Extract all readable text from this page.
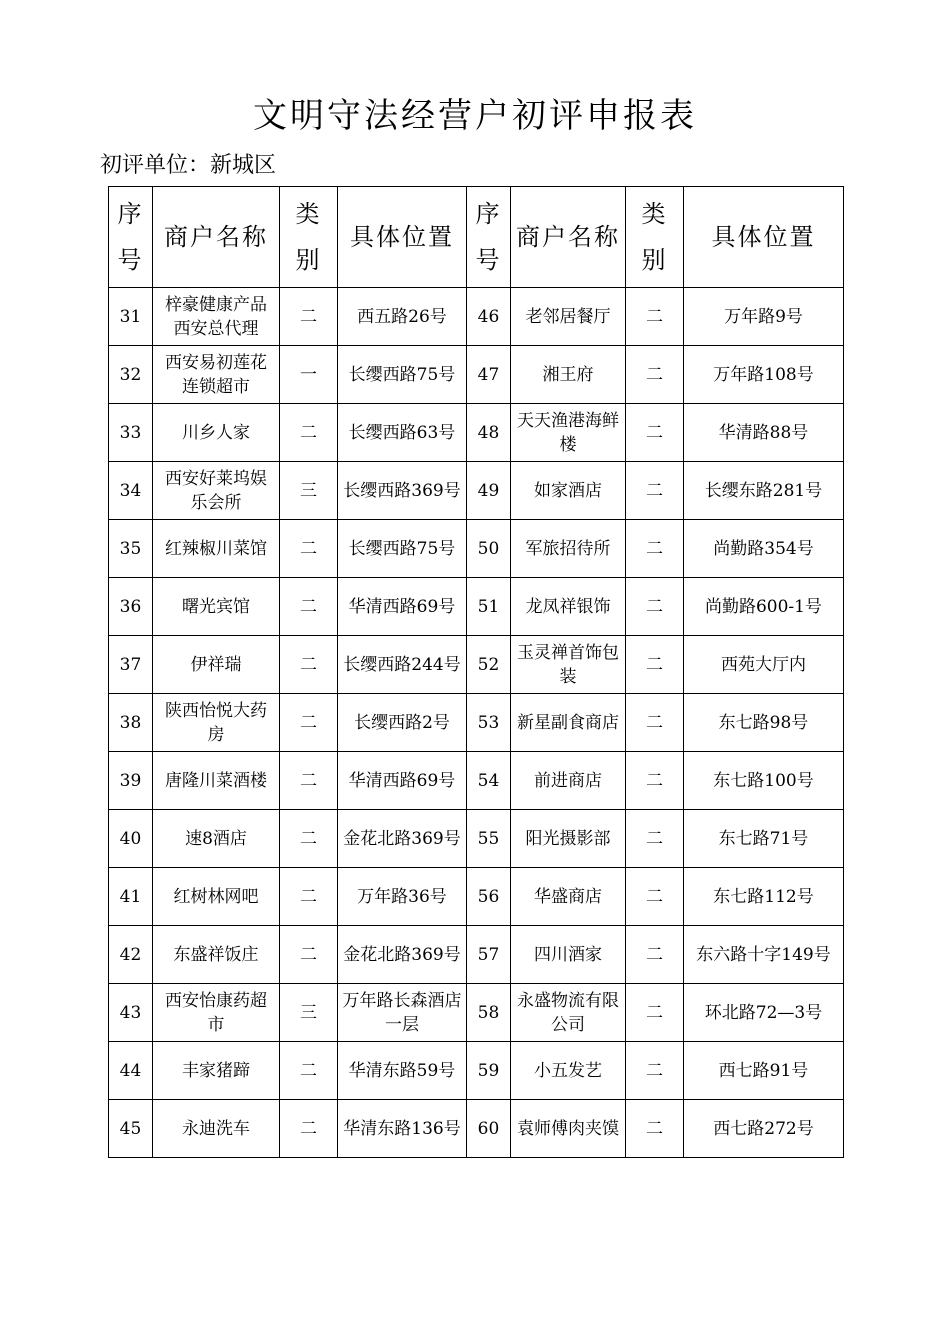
文明守法经营户初评申报表
初评单位：新城区
序号	商户名称	类别	具体位置	序号	商户名称	类别	具体位置
31	梓豪健康产品西安总代理	二	西五路26号	46	老邻居餐厅	二	万年路9号
32	西安易初莲花连锁超市	一	长缨西路75号	47	湘王府	二	万年路108号
33	川乡人家	二	长缨西路63号	48	天天渔港海鲜楼	二	华清路88号
34	西安好莱坞娱乐会所	三	长缨西路369号	49	如家酒店	二	长缨东路281号
35	红辣椒川菜馆	二	长缨西路75号	50	军旅招待所	二	尚勤路354号
36	曙光宾馆	二	华清西路69号	51	龙凤祥银饰	二	尚勤路600-1号
37	伊祥瑞	二	长缨西路244号	52	玉灵禅首饰包装	二	西苑大厅内
38	陕西怡悦大药房	二	长缨西路2号	53	新星副食商店	二	东七路98号
39	唐隆川菜酒楼	二	华清西路69号	54	前进商店	二	东七路100号
40	速8酒店	二	金花北路369号	55	阳光摄影部	二	东七路71号
41	红树林网吧	二	万年路36号	56	华盛商店	二	东七路112号
42	东盛祥饭庄	二	金花北路369号	57	四川酒家	二	东六路十字149号
43	西安怡康药超市	三	万年路长森酒店一层	58	永盛物流有限公司	二	环北路72—3号
44	丰家猪蹄	二	华清东路59号	59	小五发艺	二	西七路91号
45	永迪洗车	二	华清东路136号	60	袁师傅肉夹馍	二	西七路272号
